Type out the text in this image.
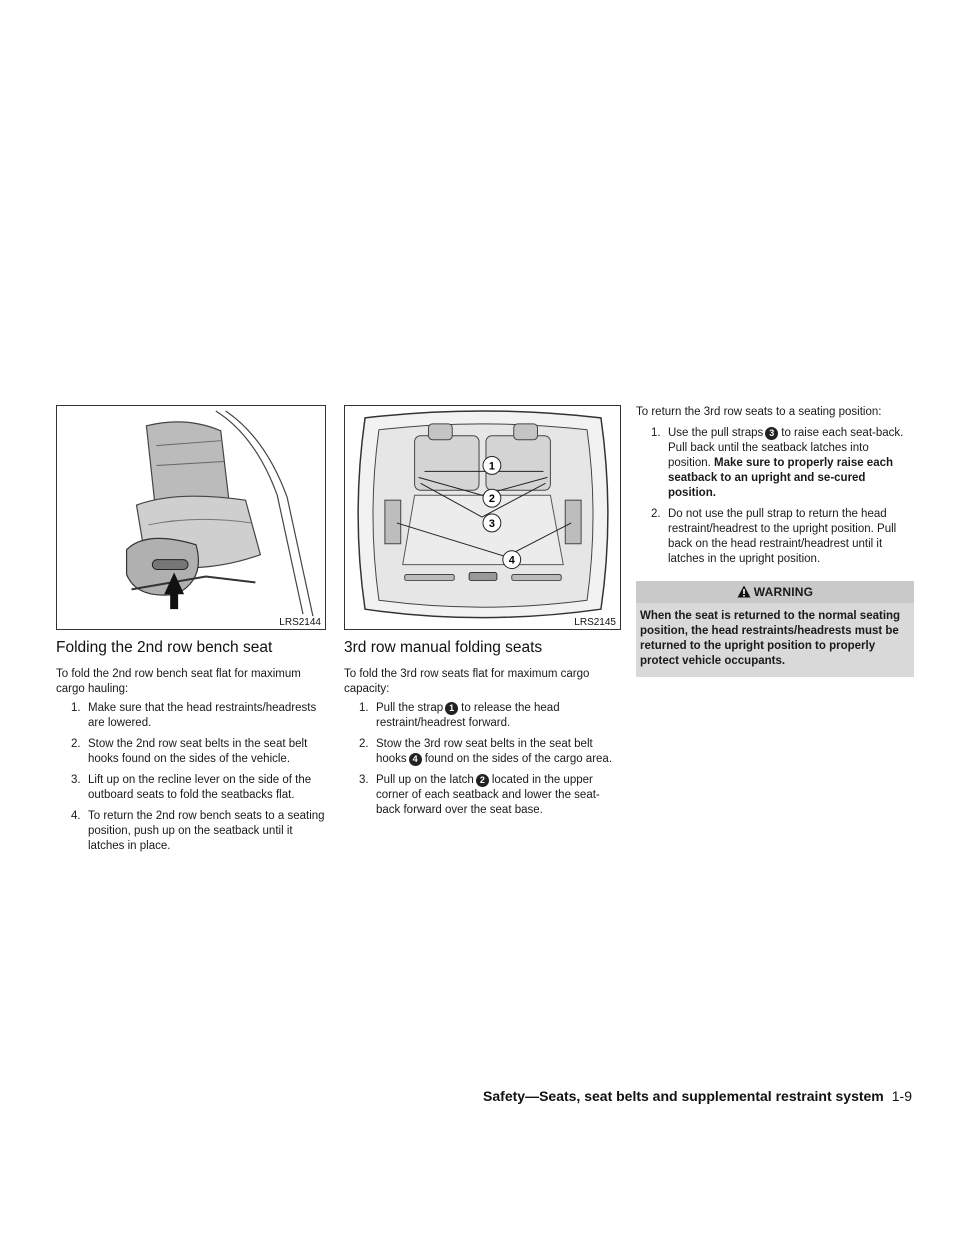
LRS2144
Folding the 2nd row bench seat

To fold the 2nd row bench seat flat for maximum cargo hauling:

1. Make sure that the head restraints/headrests are lowered.
2. Stow the 2nd row seat belts in the seat belt hooks found on the sides of the vehicle.
3. Lift up on the recline lever on the side of the outboard seats to fold the seatbacks flat.
4. To return the 2nd row bench seats to a seating position, push up on the seatback until it latches in place.
1
2
3
4
LRS2145
3rd row manual folding seats

To fold the 3rd row seats flat for maximum cargo capacity:

1. Pull the strap 1 to release the head restraint/headrest forward.
2. Stow the 3rd row seat belts in the seat belt hooks 4 found on the sides of the cargo area.
3. Pull up on the latch 2 located in the upper corner of each seatback and lower the seat-back forward over the seat base.

To return the 3rd row seats to a seating position:

1. Use the pull straps 3 to raise each seat-back. Pull back until the seatback latches into position. Make sure to properly raise each seatback to an upright and se-cured position.
2. Do not use the pull strap to return the head restraint/headrest to the upright position. Pull back on the head restraint/headrest until it latches in the upright position.
WARNING
When the seat is returned to the normal seating position, the head restraints/headrests must be returned to the upright position to properly protect vehicle occupants.
Safety—Seats, seat belts and supplemental restraint system 1-9
